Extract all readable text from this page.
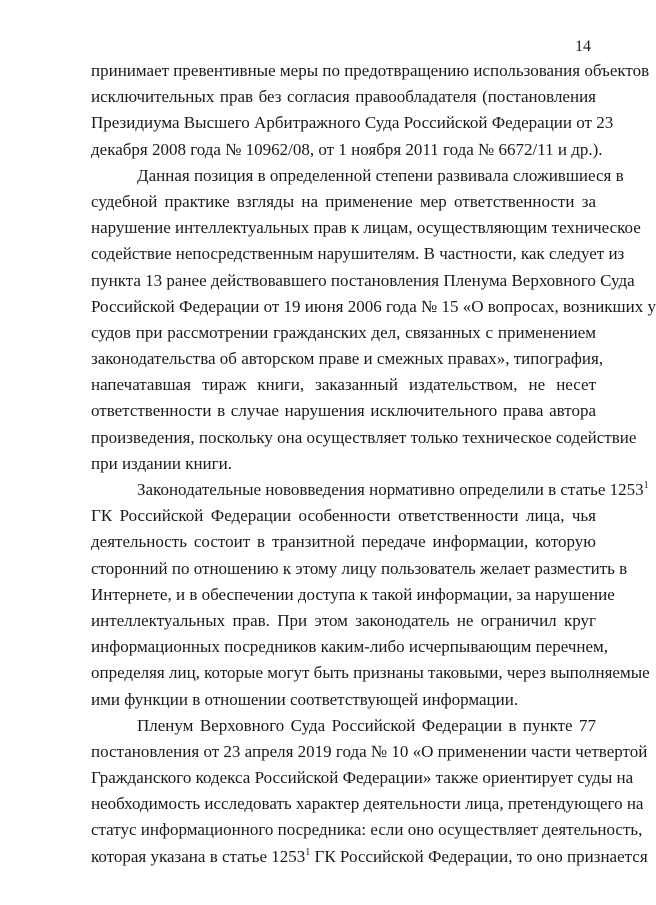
14
принимает превентивные меры по предотвращению использования объектов
исключительных прав без согласия правообладателя (постановления
Президиума Высшего Арбитражного Суда Российской Федерации от 23
декабря 2008 года № 10962/08, от 1 ноября 2011 года № 6672/11 и др.).
Данная позиция в определенной степени развивала сложившиеся в
судебной практике взгляды на применение мер ответственности за
нарушение интеллектуальных прав к лицам, осуществляющим техническое
содействие непосредственным нарушителям. В частности, как следует из
пункта 13 ранее действовавшего постановления Пленума Верховного Суда
Российской Федерации от 19 июня 2006 года № 15 «О вопросах, возникших у
судов при рассмотрении гражданских дел, связанных с применением
законодательства об авторском праве и смежных правах», типография,
напечатавшая тираж книги, заказанный издательством, не несет
ответственности в случае нарушения исключительного права автора
произведения, поскольку она осуществляет только техническое содействие
при издании книги.
Законодательные нововведения нормативно определили в статье 1253$^1$
ГК Российской Федерации особенности ответственности лица, чья
деятельность состоит в транзитной передаче информации, которую
сторонний по отношению к этому лицу пользователь желает разместить в
Интернете, и в обеспечении доступа к такой информации, за нарушение
интеллектуальных прав. При этом законодатель не ограничил круг
информационных посредников каким-либо исчерпывающим перечнем,
определяя лиц, которые могут быть признаны таковыми, через выполняемые
ими функции в отношении соответствующей информации.
Пленум Верховного Суда Российской Федерации в пункте 77
постановления от 23 апреля 2019 года № 10 «О применении части четвертой
Гражданского кодекса Российской Федерации» также ориентирует суды на
необходимость исследовать характер деятельности лица, претендующего на
статус информационного посредника: если оно осуществляет деятельность,
которая указана в статье 1253$^1$ ГК Российской Федерации, то оно признается
